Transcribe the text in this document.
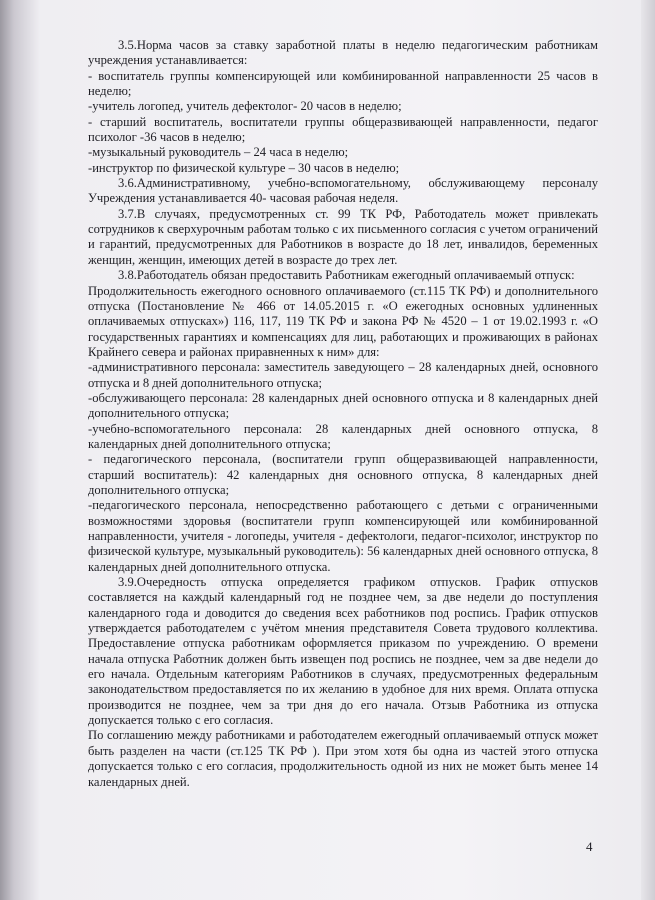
3.5.Норма часов за ставку заработной платы в неделю педагогическим работникам учреждения устанавливается:

- воспитатель группы компенсирующей или комбинированной направленности 25 часов в неделю;

-учитель логопед, учитель дефектолог- 20 часов в неделю;

- старший воспитатель, воспитатели группы общеразвивающей направленности, педагог психолог -36 часов в неделю;

-музыкальный руководитель – 24 часа в неделю;

-инструктор по физической культуре – 30 часов в неделю;

3.6.Административному, учебно-вспомогательному, обслуживающему персоналу Учреждения устанавливается 40- часовая рабочая неделя.

3.7.В случаях, предусмотренных ст. 99 ТК РФ, Работодатель может привлекать сотрудников к сверхурочным работам только с их письменного согласия с учетом ограничений и гарантий, предусмотренных для Работников в возрасте до 18 лет, инвалидов, беременных женщин, женщин, имеющих детей в возрасте до трех лет.

3.8.Работодатель обязан предоставить Работникам ежегодный оплачиваемый отпуск:

Продолжительность ежегодного основного оплачиваемого (ст.115 ТК РФ) и дополнительного отпуска (Постановление № 466 от 14.05.2015 г. «О ежегодных основных удлиненных оплачиваемых отпусках») 116, 117, 119 ТК РФ и закона РФ № 4520 – 1 от 19.02.1993 г. «О государственных гарантиях и компенсациях для лиц, работающих и проживающих в районах Крайнего севера и районах приравненных к ним» для:

-административного персонала: заместитель заведующего – 28 календарных дней, основного отпуска и 8 дней дополнительного отпуска;

-обслуживающего персонала: 28 календарных дней основного отпуска и 8 календарных дней дополнительного отпуска;

-учебно-вспомогательного персонала: 28 календарных дней основного отпуска, 8 календарных дней дополнительного отпуска;

- педагогического персонала, (воспитатели групп общеразвивающей направленности, старший воспитатель): 42 календарных дня основного отпуска, 8 календарных дней дополнительного отпуска;

-педагогического персонала, непосредственно работающего с детьми с ограниченными возможностями здоровья (воспитатели групп компенсирующей или комбинированной направленности, учителя - логопеды, учителя - дефектологи, педагог-психолог, инструктор по физической культуре, музыкальный руководитель): 56 календарных дней основного отпуска, 8 календарных дней дополнительного отпуска.

3.9.Очередность отпуска определяется графиком отпусков. График отпусков составляется на каждый календарный год не позднее чем, за две недели до поступления календарного года и доводится до сведения всех работников под роспись. График отпусков утверждается работодателем с учётом мнения представителя Совета трудового коллектива. Предоставление отпуска работникам оформляется приказом по учреждению. О времени начала отпуска Работник должен быть извещен под роспись не позднее, чем за две недели до его начала. Отдельным категориям Работников в случаях, предусмотренных федеральным законодательством предоставляется по их желанию в удобное для них время. Оплата отпуска производится не позднее, чем за три дня до его начала. Отзыв Работника из отпуска допускается только с его согласия.

По соглашению между работниками и работодателем ежегодный оплачиваемый отпуск может быть разделен на части (ст.125 ТК РФ ). При этом хотя бы одна из частей этого отпуска допускается только с его согласия, продолжительность одной из них не может быть менее 14 календарных дней.

4
